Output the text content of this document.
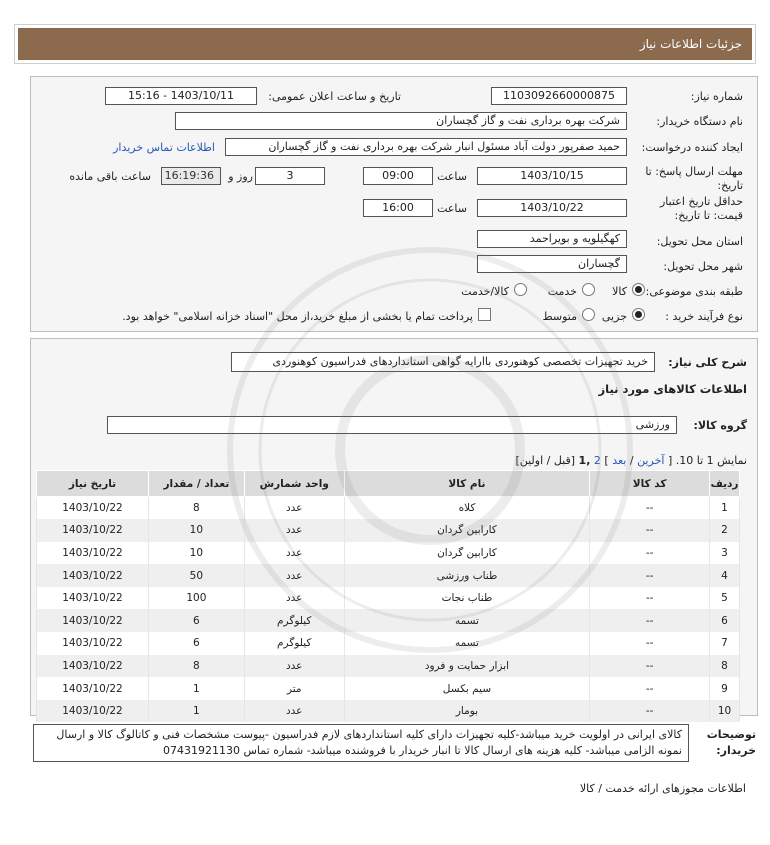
جزئیات اطلاعات نیاز
شماره نیاز:
1103092660000875
تاریخ و ساعت اعلان عمومی:
1403/10/11 - 15:16
نام دستگاه خریدار:
شرکت بهره برداری نفت و گاز گچساران
ایجاد کننده درخواست:
حمید صفرپور دولت آباد مسئول انبار شرکت بهره برداری نفت و گاز گچساران
اطلاعات تماس خریدار
مهلت ارسال پاسخ: تا
تاریخ:
1403/10/15
ساعت
09:00
3
روز و
16:19:36
ساعت باقی مانده
حداقل تاریخ اعتبار
قیمت: تا تاریخ:
1403/10/22
ساعت
16:00
استان محل تحویل:
کهگیلویه و بویراحمد
شهر محل تحویل:
گچساران
طبقه بندی موضوعی:
کالا
خدمت
کالا/خدمت
نوع فرآیند خرید :
جزیی
متوسط
پرداخت تمام یا بخشی از مبلغ خرید،از محل "اسناد خزانه اسلامی" خواهد بود.
شرح کلی نیاز:
خرید تجهیزات تخصصی کوهنوردی باارایه گواهی استانداردهای فدراسیون کوهنوردی
اطلاعات کالاهای مورد نیاز
گروه کالا:
ورزشی
نمایش 1 تا 10. [ آخرین / بعد ] 2 ,1 [قبل / اولین]
ردیف	کد کالا	نام کالا	واحد شمارش	تعداد / مقدار	تاریخ نیاز
1	--	کلاه	عدد	8	1403/10/22
2	--	کارابین گردان	عدد	10	1403/10/22
3	--	کارابین گردان	عدد	10	1403/10/22
4	--	طناب ورزشی	عدد	50	1403/10/22
5	--	طناب نجات	عدد	100	1403/10/22
6	--	تسمه	کیلوگرم	6	1403/10/22
7	--	تسمه	کیلوگرم	6	1403/10/22
8	--	ابزار حمایت و فرود	عدد	8	1403/10/22
9	--	سیم بکسل	متر	1	1403/10/22
10	--	بومار	عدد	1	1403/10/22
توضیحات
خریدار:
کالای ایرانی در اولویت خرید میباشد-کلیه تجهیزات دارای کلیه استانداردهای لازم فدراسیون -پیوست مشخصات فنی و کاتالوگ کالا و ارسال نمونه الزامی میباشد- کلیه هزینه های ارسال کالا تا انبار خریدار با فروشنده میباشد- شماره تماس 07431921130
اطلاعات مجوزهای ارائه خدمت / کالا
